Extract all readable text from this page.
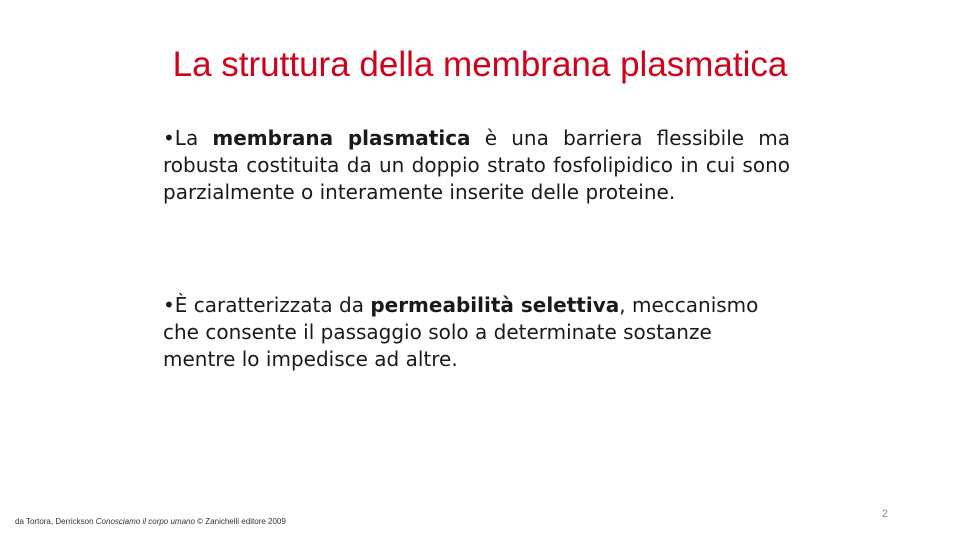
La struttura della membrana plasmatica

•La membrana plasmatica è una barriera flessibile ma robusta costituita da un doppio strato fosfolipidico in cui sono parzialmente o interamente inserite delle proteine.

•È caratterizzata da permeabilità selettiva, meccanismo che consente il passaggio solo a determinate sostanze mentre lo impedisce ad altre.

da Tortora, Derrickson Conosciamo il corpo umano © Zanichelli editore 2009
2
